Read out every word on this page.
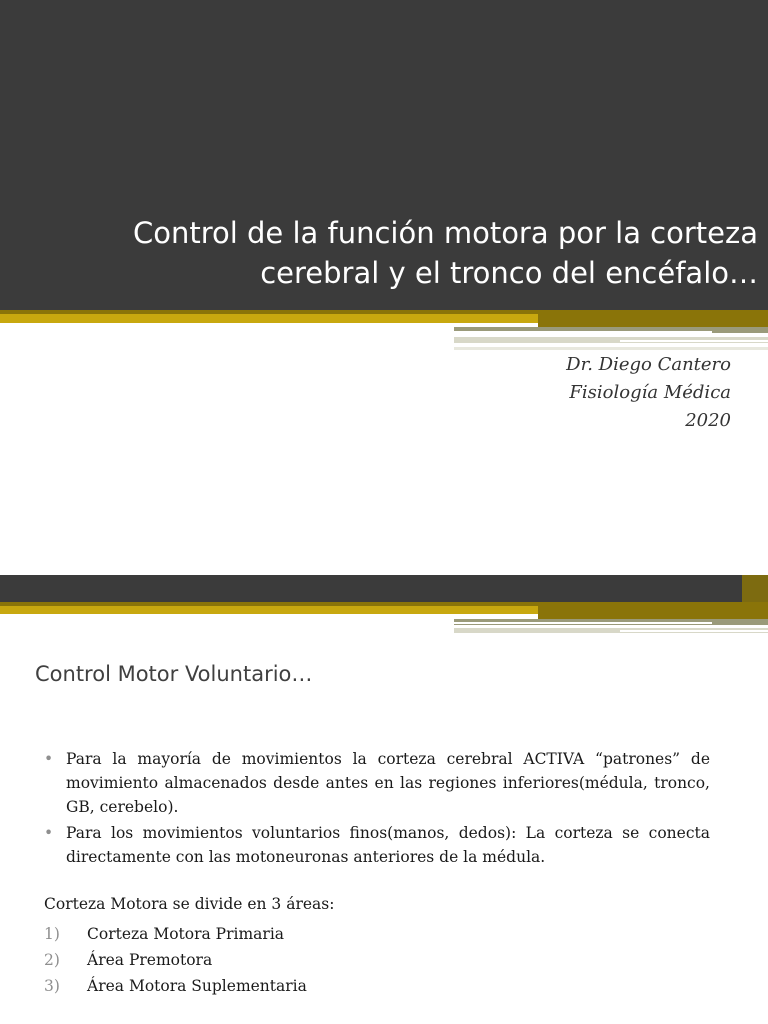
Control de la función motora por la corteza
cerebral y el tronco del encéfalo…
Dr. Diego Cantero
Fisiología Médica
2020
Control Motor Voluntario…
• Para la mayoría de movimientos la corteza cerebral ACTIVA “patrones” de movimiento almacenados desde antes en las regiones inferiores(médula, tronco, GB, cerebelo).
• Para los movimientos voluntarios finos(manos, dedos): La corteza se conecta directamente con las motoneuronas anteriores de la médula.
Corteza Motora se divide en 3 áreas:
1) Corteza Motora Primaria
2) Área Premotora
3) Área Motora Suplementaria
